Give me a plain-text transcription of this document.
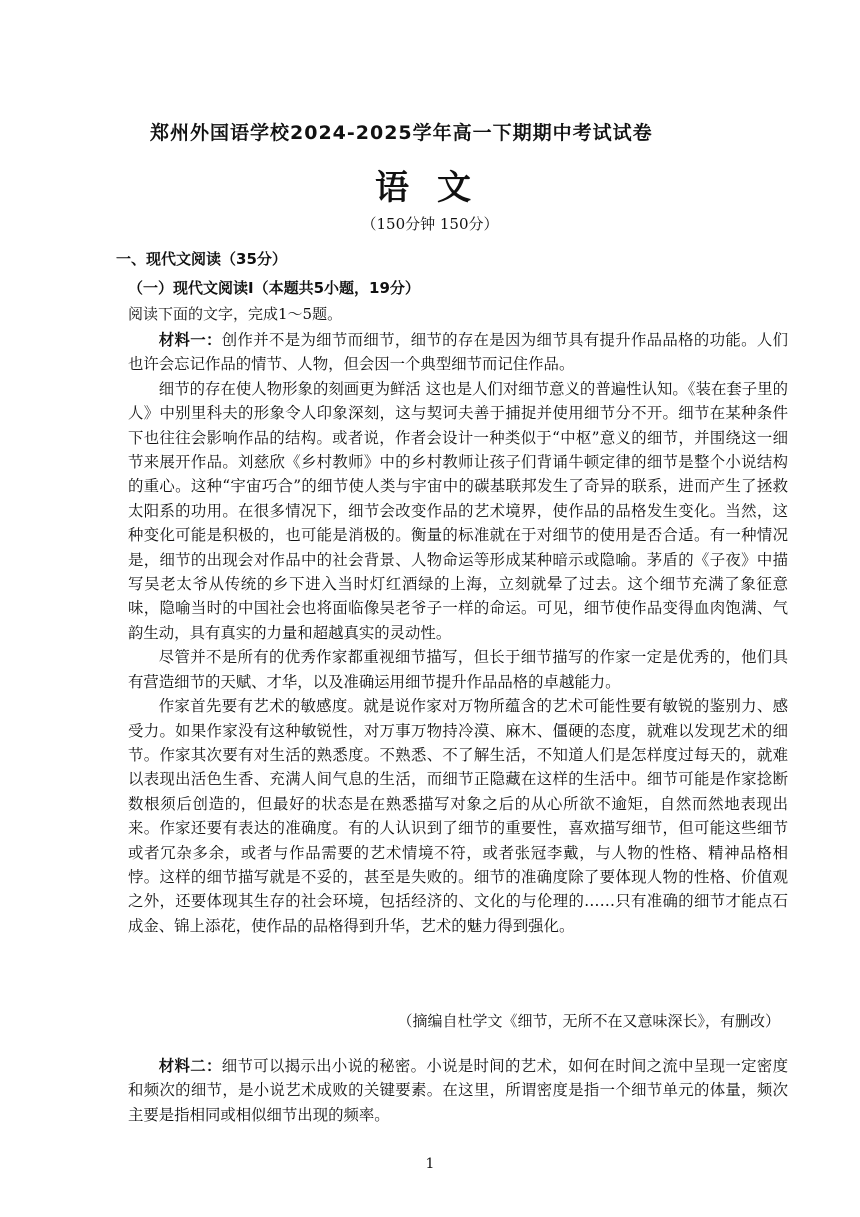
郑州外国语学校2024-2025学年高一下期期中考试试卷
语文
（150分钟 150分）
一、现代文阅读（35分）
（一）现代文阅读Ⅰ（本题共5小题，19分）
阅读下面的文字，完成1～5题。

材料一：创作并不是为细节而细节，细节的存在是因为细节具有提升作品品格的功能。人们也许会忘记作品的情节、人物，但会因一个典型细节而记住作品。

细节的存在使人物形象的刻画更为鲜活 这也是人们对细节意义的普遍性认知。《装在套子里的人》中别里科夫的形象令人印象深刻，这与契诃夫善于捕捉并使用细节分不开。细节在某种条件下也往往会影响作品的结构。或者说，作者会设计一种类似于“中枢”意义的细节，并围绕这一细节来展开作品。刘慈欣《乡村教师》中的乡村教师让孩子们背诵牛顿定律的细节是整个小说结构的重心。这种“宇宙巧合”的细节使人类与宇宙中的碳基联邦发生了奇异的联系，进而产生了拯救太阳系的功用。在很多情况下，细节会改变作品的艺术境界，使作品的品格发生变化。当然，这种变化可能是积极的，也可能是消极的。衡量的标准就在于对细节的使用是否合适。有一种情况是，细节的出现会对作品中的社会背景、人物命运等形成某种暗示或隐喻。茅盾的《子夜》中描写吴老太爷从传统的乡下进入当时灯红酒绿的上海，立刻就晕了过去。这个细节充满了象征意味，隐喻当时的中国社会也将面临像吴老爷子一样的命运。可见，细节使作品变得血肉饱满、气韵生动，具有真实的力量和超越真实的灵动性。

尽管并不是所有的优秀作家都重视细节描写，但长于细节描写的作家一定是优秀的，他们具有营造细节的天赋、才华，以及准确运用细节提升作品品格的卓越能力。

作家首先要有艺术的敏感度。就是说作家对万物所蕴含的艺术可能性要有敏锐的鉴别力、感受力。如果作家没有这种敏锐性，对万事万物持冷漠、麻木、僵硬的态度，就难以发现艺术的细节。作家其次要有对生活的熟悉度。不熟悉、不了解生活，不知道人们是怎样度过每天的，就难以表现出活色生香、充满人间气息的生活，而细节正隐藏在这样的生活中。细节可能是作家捻断数根须后创造的，但最好的状态是在熟悉描写对象之后的从心所欲不逾矩，自然而然地表现出来。作家还要有表达的准确度。有的人认识到了细节的重要性，喜欢描写细节，但可能这些细节或者冗杂多余，或者与作品需要的艺术情境不符，或者张冠李戴，与人物的性格、精神品格相悖。这样的细节描写就是不妥的，甚至是失败的。细节的准确度除了要体现人物的性格、价值观之外，还要体现其生存的社会环境，包括经济的、文化的与伦理的……只有准确的细节才能点石成金、锦上添花，使作品的品格得到升华，艺术的魅力得到强化。

（摘编自杜学文《细节，无所不在又意味深长》，有删改）

材料二：细节可以揭示出小说的秘密。小说是时间的艺术，如何在时间之流中呈现一定密度和频次的细节，是小说艺术成败的关键要素。在这里，所谓密度是指一个细节单元的体量，频次主要是指相同或相似细节出现的频率。

1
